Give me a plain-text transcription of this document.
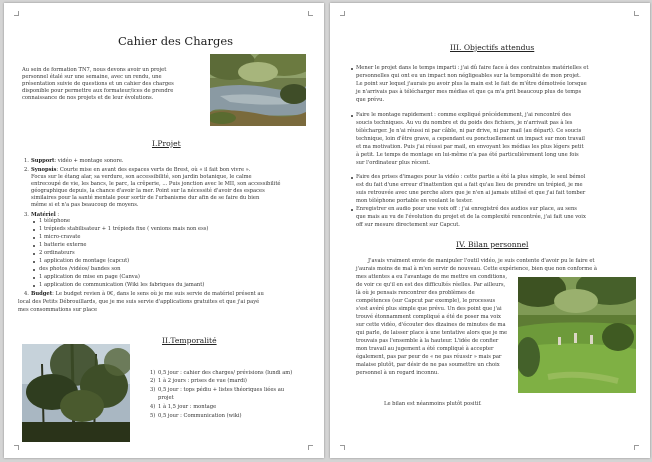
Cahier des Charges
Au sein de formation TN7, nous devons avoir un projet
personnel étalé sur une semaine, avec un rendu, une
présentation suivie de questions et un cahier des charges
disponible pour permettre aux formateur/ices de prendre
connaissance de nos projets et de leur évolutions.
I.Projet
1. Support: vidéo + montage sonore.
2. Synopsis: Courte mise en avant des espaces verts de Brest, où « il fait bon vivre ».
Focus sur le étang alar, sa verdure, son accessibilité, son jardin botanique, le calme
entrecoupé de vie, les bancs, le parc, la crêperie, ... Puis jonction avec le MII, son accessibilité
géographique depuis, la chance d'avoir la mer. Point sur la nécessité d'avoir des espaces
similaires pour la santé mentale pour sortir de l'urbanisme dur afin de se faire du bien
même si et n'a pas beaucoup de moyens.
3. Matériel :
1 téléphone
1 trépieds stabilisateur + 1 trépieds fixe ( venions mais non ess)
1 micro-cravate
1 batterie externe
2 ordinateurs
1 application de montage (capcut)
des photos /vidéos/ bandes son
1 application de mise en page (Canva)
1 application de communication (Wiki les fabriques du jamant)
4. Budget: Le budget revien à 0€, dans le sens où je me suis servie de matériel présent au
local des Petits Débrouillards, que je me suis servie d'applications gratuites et que j'ai payé
mes consommations sur place
II.Temporalité
1) 0,5 jour : cahier des charges/ prévisions (lundi am)
2) 1 à 2 jours : prises de vue (mardi)
3) 0,5 jour : tops pédiu + listes théoriques liées au
projet
4) 1 à 1,5 jour : montage
5) 0,5 jour : Communication (wiki)
III. Objectifs attendus
Mener le projet dans le temps imparti : j'ai dû faire face à des contraintes matérielles et
personnelles qui ont eu un impact non négligeables sur la temporalité de mon projet.
Le point sur lequel j'aurais pu avoir plus la main est le fait de m'être démotivée lorsque
je n'arrivais pas à télécharger mes médias et que ça m'a prit beaucoup plus de temps
que prévu.
Faire le montage rapidement : comme expliqué précédemment, j'ai rencontré des
soucis techniques. Au vu du nombre et du poids des fichiers, je n'arrivait pas à les
télécharger. Je n'ai réussi ni par câble, ni par drive, ni par mail (au départ). Ce soucis
technique, loin d'être grave, a cependant eu ponctuellement un impact sur mon travail
et ma motivation. Puis j'ai réussi par mail, en envoyant les médias les plus légers petit
à petit. Le temps de montage en lui-même n'a pas été particulièrement long une fois
sur l'ordinateur plus récent.
Faire des prises d'images pour la vidéo : cette partie a été la plus simple, le seul bémol
est du fait d'une erreur d'inattention qui a fait qu'au lieu de prendre un trépied, je me
suis retrouvée avec une perche alors que je n'en ai jamais utilisé et que j'ai fait tomber
mon téléphone portable en voulant le tester.
Enregistrer en audio pour une voix off : j'ai enregistré des audios sur place, au sens
que mais au vu de l'évolution du projet et de la complexité rencontrée, j'ai fait une voix
off sur mesure directement sur Capcut.
IV. Bilan personnel
J'avais vraiment envie de manipuler l'outil vidéo, je suis contente d'avoir pu le faire et
j'aurais moins de mal à m'en servir de nouveau. Cette expérience, bien que non conforme à
mes attentes a eu l'avantage de me mettre en conditions,
de voir ce qu'il en est des difficultés réelles. Par ailleurs,
là où je pensais rencontrer des problèmes de
compétences (sur Capcut par exemple), le processus
s'est avéré plus simple que prévu. Un des point que j'ai
trouvé étonnamment compliqué a été de poser ma voix
sur cette vidéo, d'écouter des dizaines de minutes de ma
qui parle, de laisser place à une tentative alors que je me
trouvais pas l'ensemble à la hauteur. L'idée de confier
mon travail au jugement a été compliqué à accepter
également, pas par peur de « ne pas réussir » mais par
malaise plutôt, par désir de ne pas soumettre un choix
personnel à un regard inconnu.
Le bilan est néanmoins plutôt positif.
